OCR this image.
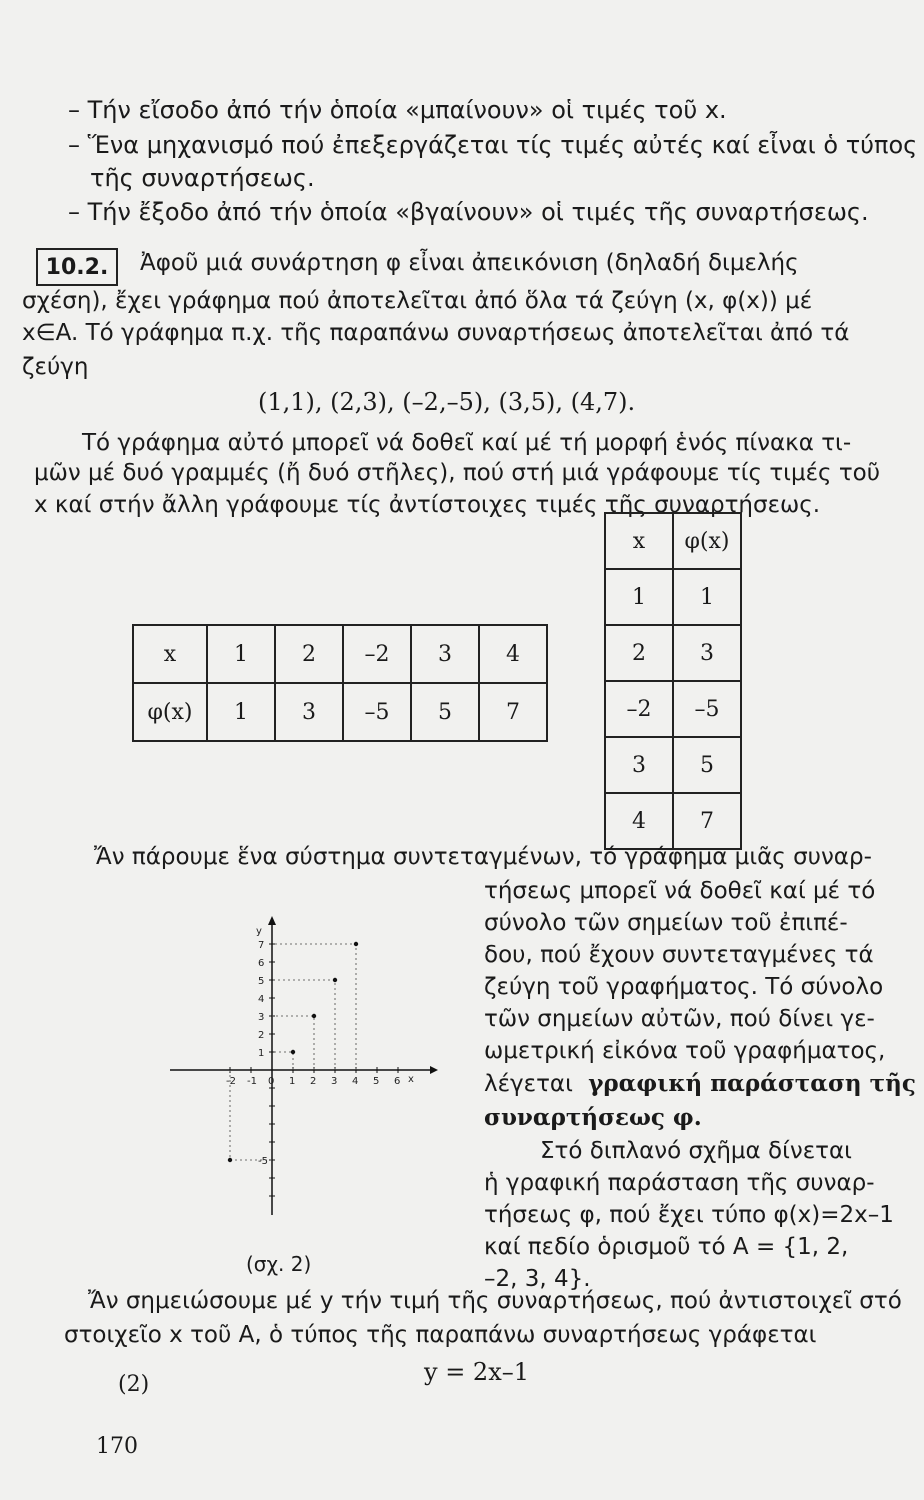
– Τήν εἴσοδο ἀπό τήν ὁποία «μπαίνουν» οἱ τιμές τοῦ x.
– Ἕνα μηχανισμό πού ἐπεξεργάζεται τίς τιμές αὐτές καί εἶναι ὁ τύπος
τῆς συναρτήσεως.
– Τήν ἔξοδο ἀπό τήν ὁποία «βγαίνουν» οἱ τιμές τῆς συναρτήσεως.
10.2.	Ἀφοῦ μιά συνάρτηση φ εἶναι ἀπεικόνιση (δηλαδή διμελής
σχέση), ἔχει γράφημα πού ἀποτελεῖται ἀπό ὅλα τά ζεύγη (x, φ(x)) μέ
x∈A. Τό γράφημα π.χ. τῆς παραπάνω συναρτήσεως ἀποτελεῖται ἀπό τά
ζεύγη
(1,1), (2,3), (–2,–5), (3,5), (4,7).
Τό γράφημα αὐτό μπορεῖ νά δοθεῖ καί μέ τή μορφή ἑνός πίνακα τι-
μῶν μέ δυό γραμμές (ἤ δυό στῆλες), πού στή μιά γράφουμε τίς τιμές τοῦ
x καί στήν ἄλλη γράφουμε τίς ἀντίστοιχες τιμές τῆς συναρτήσεως.
x	1	2	–2	3	4
φ(x)	1	3	–5	5	7
x	φ(x)
1	1
2	3
–2	–5
3	5
4	7
Ἄν πάρουμε ἕνα σύστημα συντεταγμένων, τό γράφημα μιᾶς συναρ-
τήσεως μπορεῖ νά δοθεῖ καί μέ τό
σύνολο τῶν σημείων τοῦ ἐπιπέ-
δου, πού ἔχουν συντεταγμένες τά
ζεύγη τοῦ γραφήματος. Τό σύνολο
τῶν σημείων αὐτῶν, πού δίνει γε-
ωμετρική εἰκόνα τοῦ γραφήματος,
λέγεται γραφική παράσταση τῆς
συναρτήσεως φ.
Στό διπλανό σχῆμα δίνεται
ἡ γραφική παράσταση τῆς συναρ-
τήσεως φ, πού ἔχει τύπο φ(x)=2x–1
καί πεδίο ὁρισμοῦ τό A = {1, 2,
–2, 3, 4}.
x
y
-2 -1 0 1 2 3 4 5 6
1
2
3
4
5
6
7
-5
(σχ. 2)
Ἄν σημειώσουμε μέ y τήν τιμή τῆς συναρτήσεως, πού ἀντιστοιχεῖ στό
στοιχεῖο x τοῦ A, ὁ τύπος τῆς παραπάνω συναρτήσεως γράφεται
y = 2x–1
(2)
170
